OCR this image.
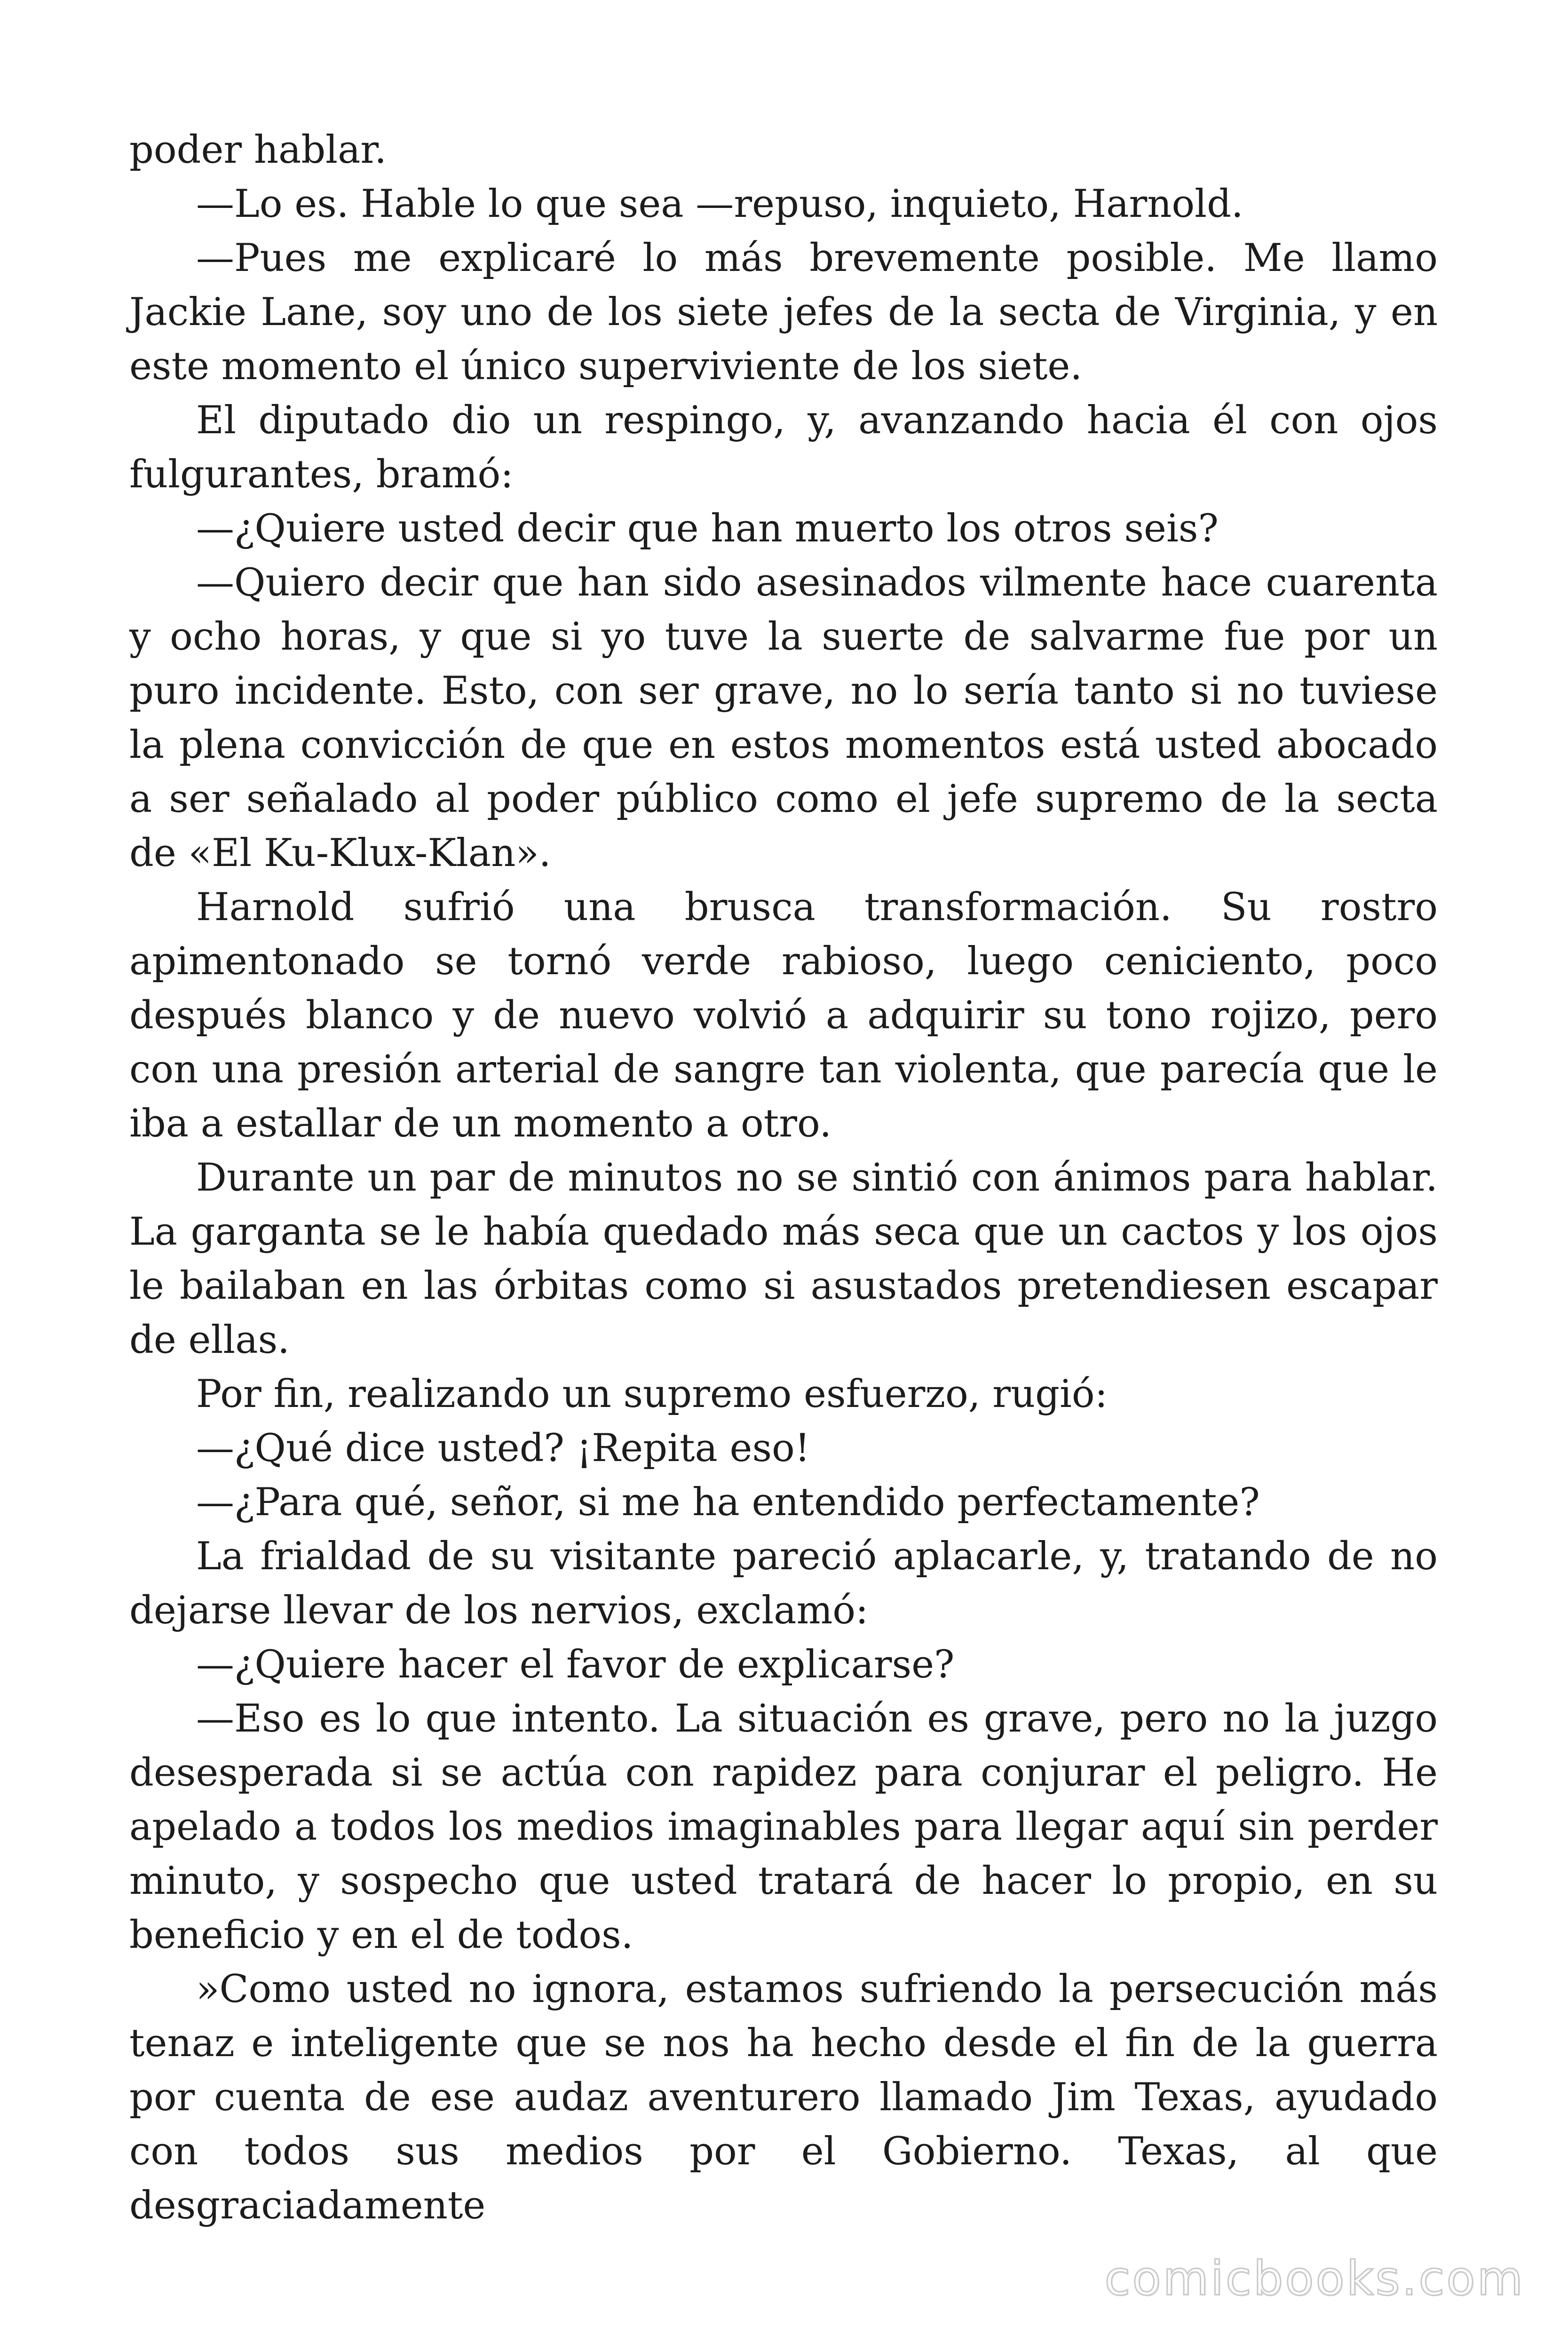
poder hablar.

—Lo es. Hable lo que sea —repuso, inquieto, Harnold.

—Pues me explicaré lo más brevemente posible. Me llamo Jackie Lane, soy uno de los siete jefes de la secta de Virginia, y en este momento el único superviviente de los siete.

El diputado dio un respingo, y, avanzando hacia él con ojos fulgurantes, bramó:

—¿Quiere usted decir que han muerto los otros seis?

—Quiero decir que han sido asesinados vilmente hace cuarenta y ocho horas, y que si yo tuve la suerte de salvarme fue por un puro incidente. Esto, con ser grave, no lo sería tanto si no tuviese la plena convicción de que en estos momentos está usted abocado a ser señalado al poder público como el jefe supremo de la secta de «El Ku-Klux-Klan».

Harnold sufrió una brusca transformación. Su rostro apimentonado se tornó verde rabioso, luego ceniciento, poco después blanco y de nuevo volvió a adquirir su tono rojizo, pero con una presión arterial de sangre tan violenta, que parecía que le iba a estallar de un momento a otro.

Durante un par de minutos no se sintió con ánimos para hablar. La garganta se le había quedado más seca que un cactos y los ojos le bailaban en las órbitas como si asustados pretendiesen escapar de ellas.

Por fin, realizando un supremo esfuerzo, rugió:

—¿Qué dice usted? ¡Repita eso!

—¿Para qué, señor, si me ha entendido perfectamente?

La frialdad de su visitante pareció aplacarle, y, tratando de no dejarse llevar de los nervios, exclamó:

—¿Quiere hacer el favor de explicarse?

—Eso es lo que intento. La situación es grave, pero no la juzgo desesperada si se actúa con rapidez para conjurar el peligro. He apelado a todos los medios imaginables para llegar aquí sin perder minuto, y sospecho que usted tratará de hacer lo propio, en su beneficio y en el de todos.

»Como usted no ignora, estamos sufriendo la persecución más tenaz e inteligente que se nos ha hecho desde el fin de la guerra por cuenta de ese audaz aventurero llamado Jim Texas, ayudado con todos sus medios por el Gobierno. Texas, al que desgraciadamente

comicbooks.com
